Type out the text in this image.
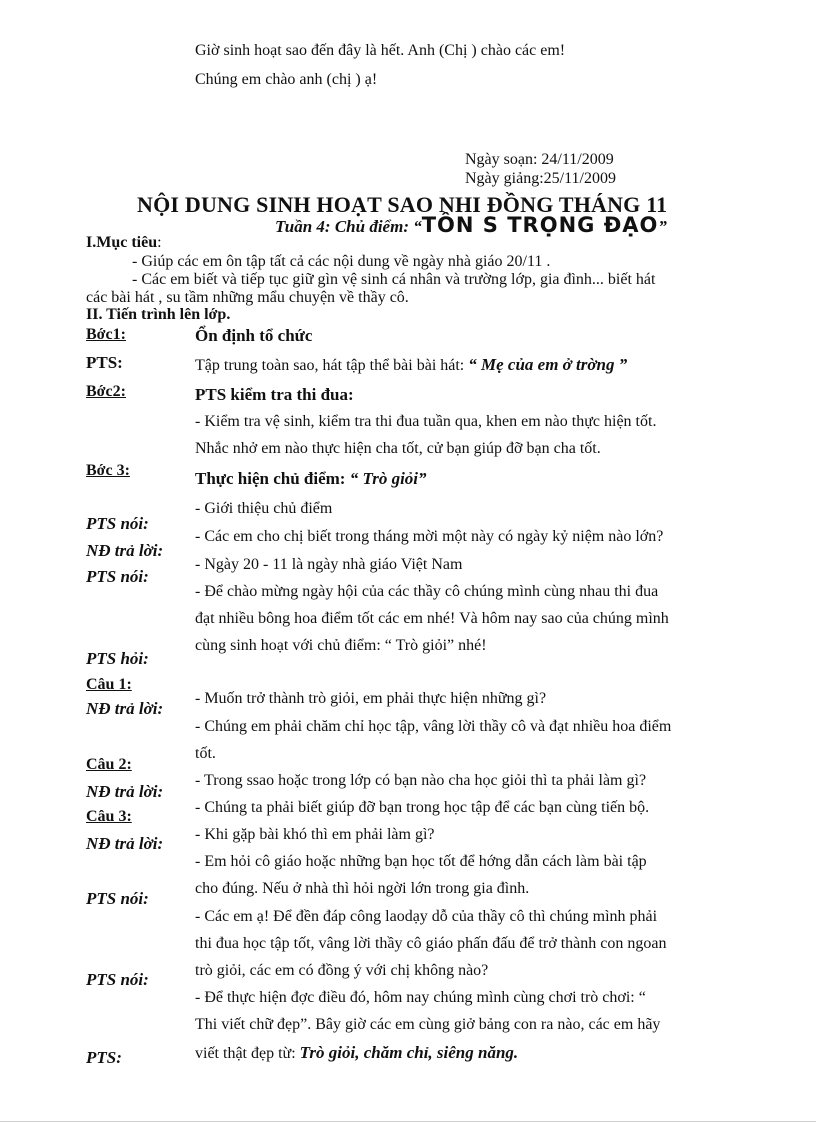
Giờ sinh hoạt sao đến đây là hết. Anh (Chị ) chào các em!
Chúng em chào anh (chị ) ạ!
Ngày soạn: 24/11/2009
Ngày giảng:25/11/2009
NỘI DUNG SINH HOẠT SAO NHI ĐỒNG THÁNG 11
Tuần 4: Chủ điểm: “TÔN S TRỌNG ĐẠO”
I.Mục tiêu:
- Giúp các em ôn tập tất cả các nội dung về ngày nhà giáo 20/11 .
- Các em biết và tiếp tục giữ gìn vệ sinh cá nhân và trường lớp, gia đình... biết hát
các bài hát , su tầm những mẩu chuyện về thầy cô.
II. Tiến trình lên lớp.
Bớc1:
PTS:
Bớc2:
Bớc 3:
PTS nói:
NĐ trả lời:
PTS nói:
PTS hỏi:
Câu 1:
NĐ trả lời:
Câu 2:
NĐ trả lời:
Câu 3:
NĐ trả lời:
PTS nói:
PTS nói:
PTS:
Ổn định tổ chức
Tập trung toàn sao, hát tập thể bài bài hát: “ Mẹ của em ở trờng ”
PTS kiểm tra thi đua:
- Kiểm tra vệ sinh, kiểm tra thi đua tuần qua, khen em nào thực hiện tốt.
Nhắc nhở em nào thực hiện cha tốt, cử bạn giúp đỡ bạn cha tốt.
Thực hiện chủ điểm: “ Trò giỏi”
- Giới thiệu chủ điểm
- Các em cho chị biết trong tháng mời một này có ngày kỷ niệm nào lớn?
- Ngày 20 - 11 là ngày nhà giáo Việt Nam
- Để chào mừng ngày hội của các thầy cô chúng mình cùng nhau thi đua
đạt nhiều bông hoa điểm tốt các em nhé! Và hôm nay sao của chúng mình
cùng sinh hoạt với chủ điểm: “ Trò giỏi” nhé!
- Muốn trở thành trò giỏi, em phải thực hiện những gì?
- Chúng em phải chăm chỉ học tập, vâng lời thầy cô và đạt nhiều hoa điểm
tốt.
- Trong ssao hoặc trong lớp có bạn nào cha học giỏi thì ta phải làm gì?
- Chúng ta phải biết giúp đỡ bạn trong học tập để các bạn cùng tiến bộ.
- Khi gặp bài khó thì em phải làm gì?
- Em hỏi cô giáo hoặc những bạn học tốt để hớng dẫn cách làm bài tập
cho đúng. Nếu ở nhà thì hỏi ngời lớn trong gia đình.
- Các em ạ! Để đền đáp công laodạy dỗ của thầy cô thì chúng mình phải
thi đua học tập tốt, vâng lời thầy cô giáo phấn đấu để trở thành con ngoan
trò giỏi, các em có đồng ý với chị không nào?
- Để thực hiện đợc điều đó, hôm nay chúng mình cùng chơi trò chơi: “
Thi viết chữ đẹp”. Bây giờ các em cùng giở bảng con ra nào, các em hãy
viết thật đẹp từ: Trò giỏi, chăm chỉ, siêng năng.
